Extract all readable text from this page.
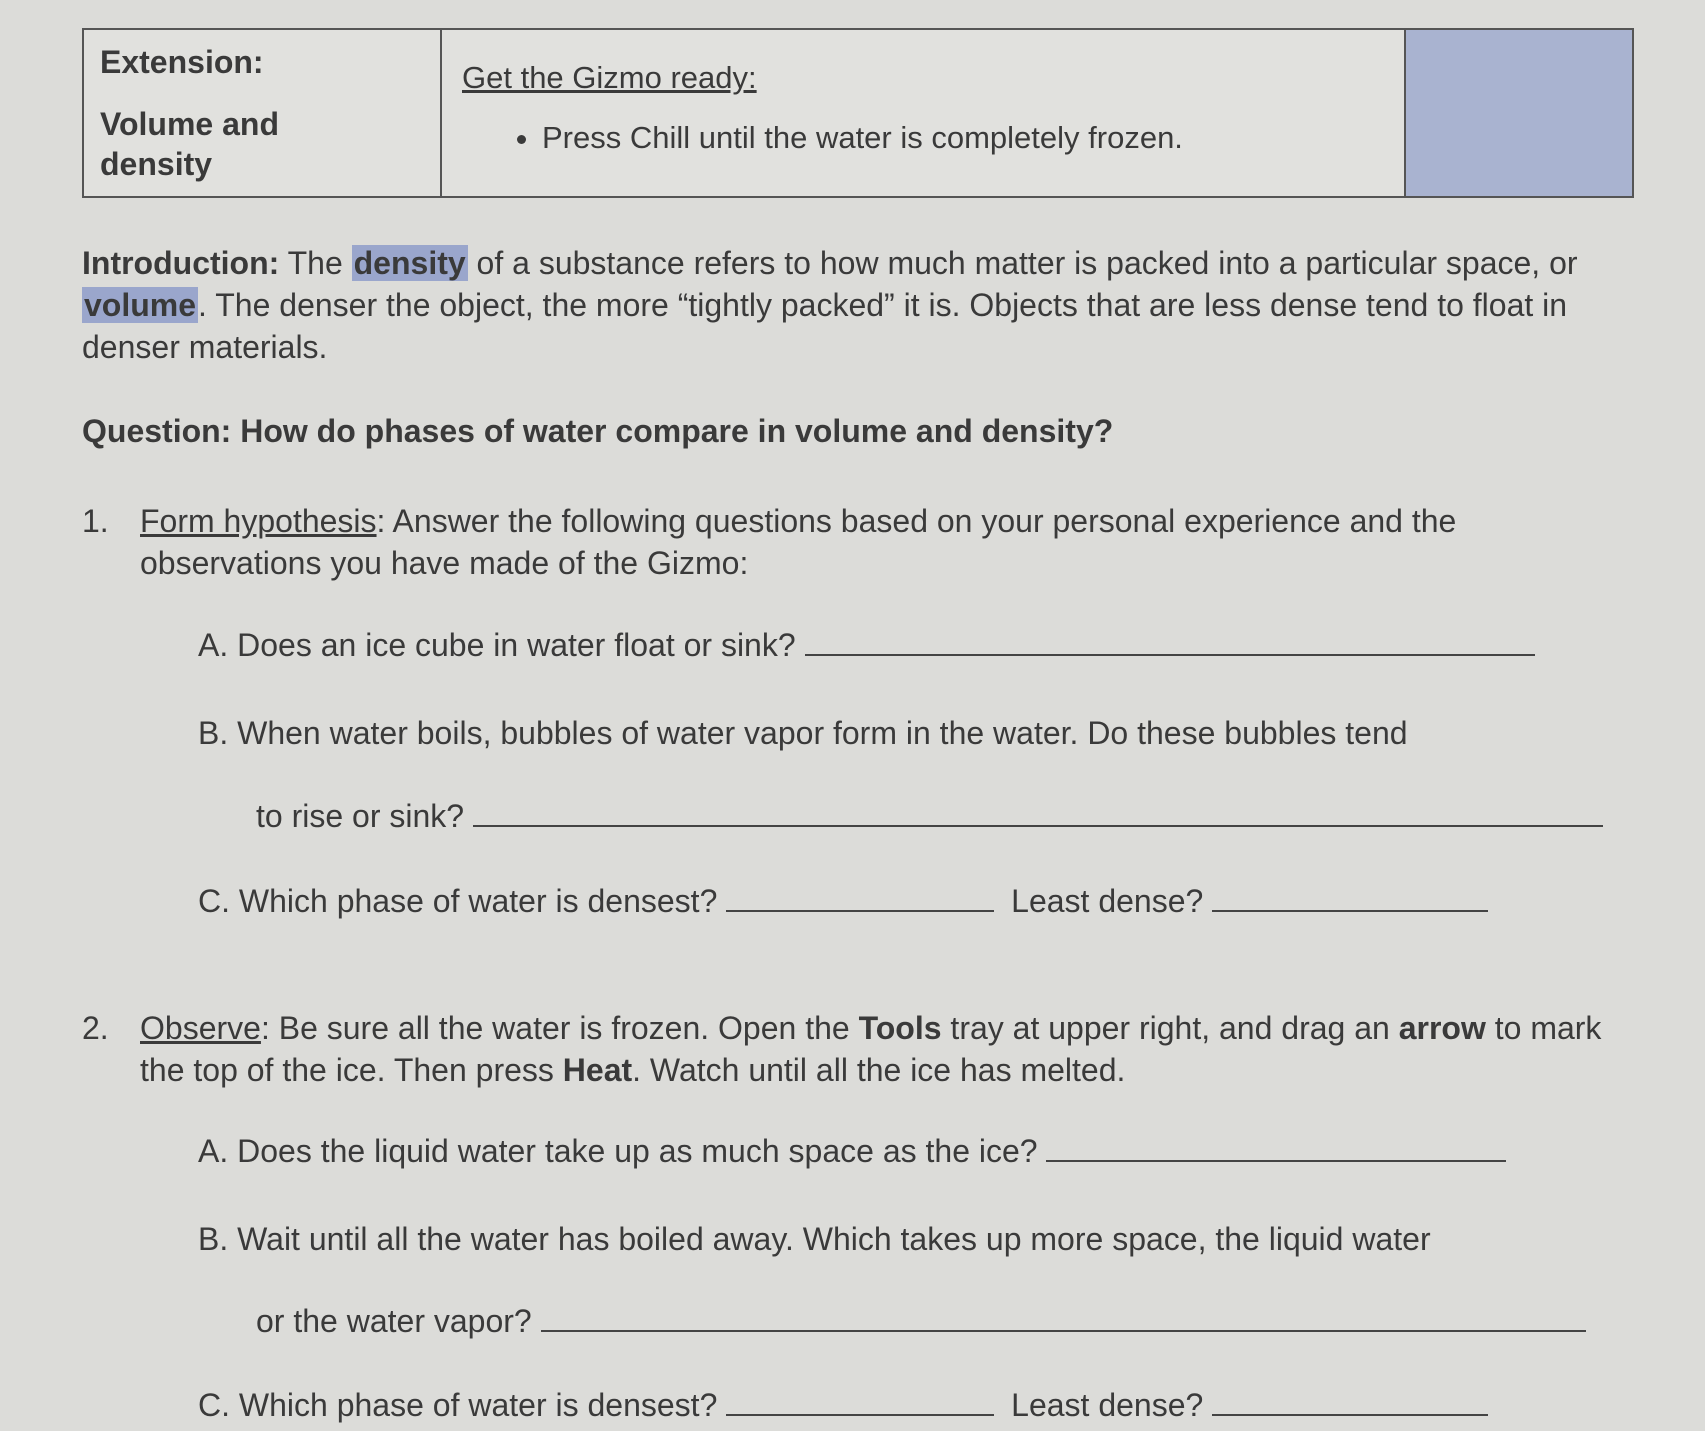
Extension:
Volume and
density
Get the Gizmo ready:
• Press Chill until the water is completely frozen.
Introduction: The density of a substance refers to how much matter is packed into a particular space, or volume. The denser the object, the more “tightly packed” it is. Objects that are less dense tend to float in denser materials.
Question: How do phases of water compare in volume and density?
1. Form hypothesis: Answer the following questions based on your personal experience and the observations you have made of the Gizmo:
A. Does an ice cube in water float or sink?
B. When water boils, bubbles of water vapor form in the water. Do these bubbles tend
to rise or sink?
C. Which phase of water is densest?	Least dense?
2. Observe: Be sure all the water is frozen. Open the Tools tray at upper right, and drag an arrow to mark the top of the ice. Then press Heat. Watch until all the ice has melted.
A. Does the liquid water take up as much space as the ice?
B. Wait until all the water has boiled away. Which takes up more space, the liquid water
or the water vapor?
C. Which phase of water is densest?	Least dense?
